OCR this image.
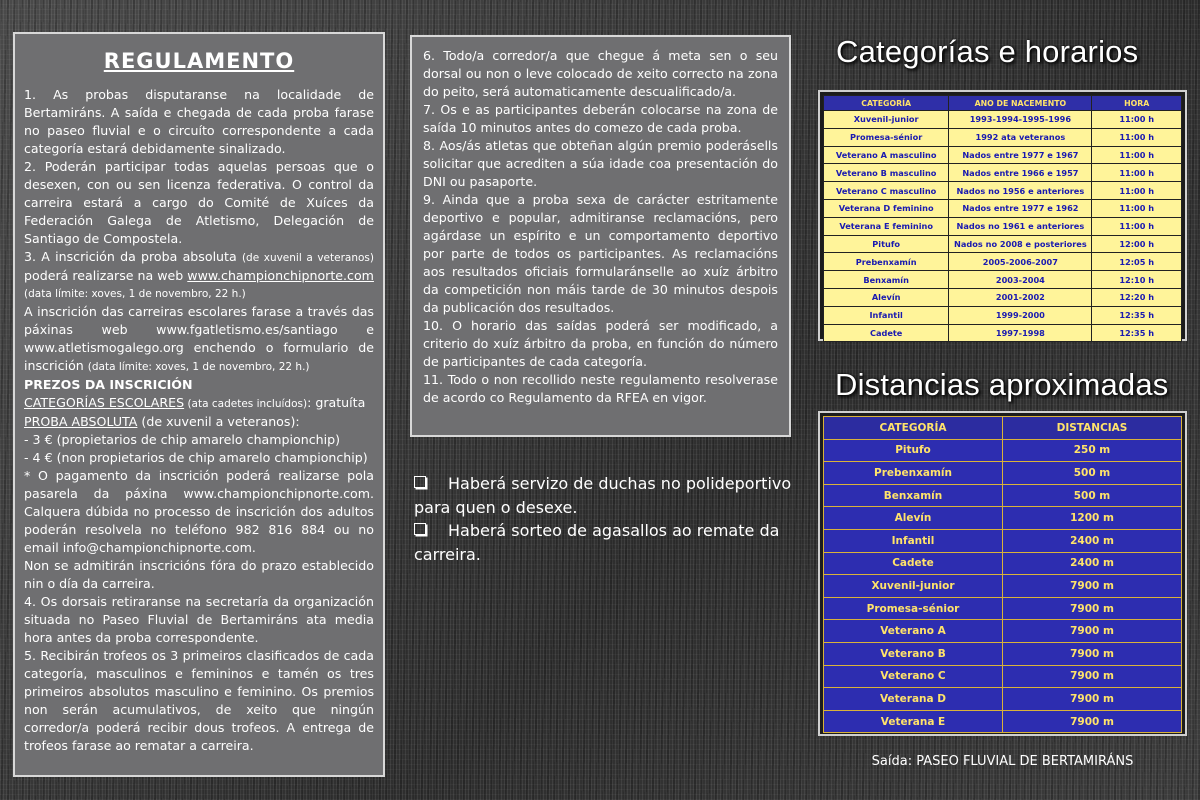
REGULAMENTO

1. As probas disputaranse na localidade de Bertamiráns. A saída e chegada de cada proba farase no paseo fluvial e o circuíto correspondente a cada categoría estará debidamente sinalizado.

2. Poderán participar todas aquelas persoas que o desexen, con ou sen licenza federativa. O control da carreira estará a cargo do Comité de Xuíces da Federación Galega de Atletismo, Delegación de Santiago de Compostela.

3. A inscrición da proba absoluta (de xuvenil a veteranos) poderá realizarse na web www.championchipnorte.com

(data límite: xoves, 1 de novembro, 22 h.)

A inscrición das carreiras escolares farase a través das páxinas web www.fgatletismo.es/santiago e www.atletismogalego.org enchendo o formulario de inscrición (data límite: xoves, 1 de novembro, 22 h.)

PREZOS DA INSCRICIÓN

CATEGORÍAS ESCOLARES (ata cadetes incluídos): gratuíta

PROBA ABSOLUTA (de xuvenil a veteranos):

- 3 € (propietarios de chip amarelo championchip)

- 4 € (non propietarios de chip amarelo championchip)

* O pagamento da inscrición poderá realizarse pola pasarela da páxina www.championchipnorte.com. Calquera dúbida no processo de inscrición dos adultos poderán resolvela no teléfono 982 816 884 ou no email info@championchipnorte.com.

Non se admitirán inscricións fóra do prazo establecido nin o día da carreira.

4. Os dorsais retiraranse na secretaría da organización situada no Paseo Fluvial de Bertamiráns ata media hora antes da proba correspondente.

5. Recibirán trofeos os 3 primeiros clasificados de cada categoría, masculinos e femininos e tamén os tres primeiros absolutos masculino e feminino. Os premios non serán acumulativos, de xeito que ningún corredor/a poderá recibir dous trofeos. A entrega de trofeos farase ao rematar a carreira.

6. Todo/a corredor/a que chegue á meta sen o seu dorsal ou non o leve colocado de xeito correcto na zona do peito, será automaticamente descualificado/a.

7. Os e as participantes deberán colocarse na zona de saída 10 minutos antes do comezo de cada proba.

8. Aos/ás atletas que obteñan algún premio poderásells solicitar que acrediten a súa idade coa presentación do DNI ou pasaporte.

9. Ainda que a proba sexa de carácter estritamente deportivo e popular, admitiranse reclamacións, pero agárdase un espírito e un comportamento deportivo por parte de todos os participantes. As reclamacións aos resultados oficiais formularánselle ao xuíz árbitro da competición non máis tarde de 30 minutos despois da publicación dos resultados.

10. O horario das saídas poderá ser modificado, a criterio do xuíz árbitro da proba, en función do número de participantes de cada categoría.

11. Todo o non recollido neste regulamento resolverase de acordo co Regulamento da RFEA en vigor.

Haberá servizo de duchas no polideportivo para quen o desexe.

Haberá sorteo de agasallos ao remate da carreira.

Categorías e horarios
Distancias aproximadas
CATEGORÍA	ANO DE NACEMENTO	HORA
Xuvenil-junior	1993-1994-1995-1996	11:00 h
Promesa-sénior	1992 ata veteranos	11:00 h
Veterano A masculino	Nados entre 1977 e 1967	11:00 h
Veterano B masculino	Nados entre 1966 e 1957	11:00 h
Veterano C masculino	Nados no 1956 e anteriores	11:00 h
Veterana D feminino	Nados entre 1977 e 1962	11:00 h
Veterana E feminino	Nados no 1961 e anteriores	11:00 h
Pitufo	Nados no 2008 e posteriores	12:00 h
Prebenxamín	2005-2006-2007	12:05 h
Benxamín	2003-2004	12:10 h
Alevín	2001-2002	12:20 h
Infantil	1999-2000	12:35 h
Cadete	1997-1998	12:35 h
CATEGORÍA	DISTANCIAS
Pitufo	250 m
Prebenxamín	500 m
Benxamín	500 m
Alevín	1200 m
Infantil	2400 m
Cadete	2400 m
Xuvenil-junior	7900 m
Promesa-sénior	7900 m
Veterano A	7900 m
Veterano B	7900 m
Veterano C	7900 m
Veterana D	7900 m
Veterana E	7900 m
Saída: PASEO FLUVIAL DE BERTAMIRÁNS
